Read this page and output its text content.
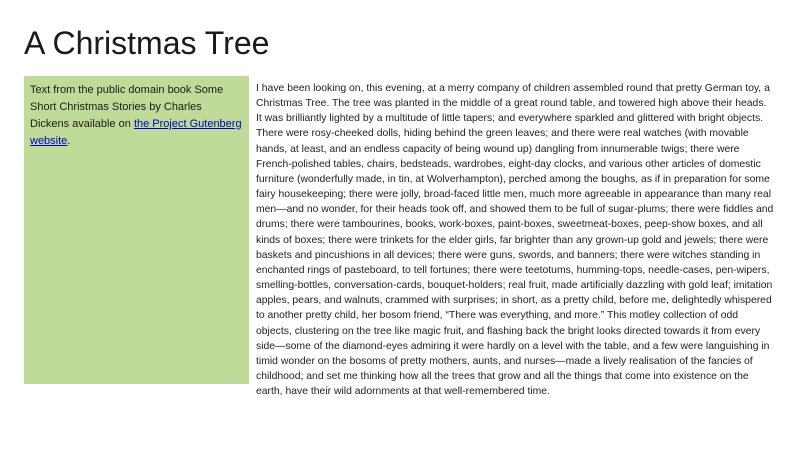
A Christmas Tree
Text from the public domain book Some Short Christmas Stories by Charles Dickens available on the Project Gutenberg website.

I have been looking on, this evening, at a merry company of children assembled round that pretty German toy, a Christmas Tree. The tree was planted in the middle of a great round table, and towered high above their heads. It was brilliantly lighted by a multitude of little tapers; and everywhere sparkled and glittered with bright objects. There were rosy-cheeked dolls, hiding behind the green leaves; and there were real watches (with movable hands, at least, and an endless capacity of being wound up) dangling from innumerable twigs; there were French-polished tables, chairs, bedsteads, wardrobes, eight-day clocks, and various other articles of domestic furniture (wonderfully made, in tin, at Wolverhampton), perched among the boughs, as if in preparation for some fairy housekeeping; there were jolly, broad-faced little men, much more agreeable in appearance than many real men—and no wonder, for their heads took off, and showed them to be full of sugar-plums; there were fiddles and drums; there were tambourines, books, work-boxes, paint-boxes, sweetmeat-boxes, peep-show boxes, and all kinds of boxes; there were trinkets for the elder girls, far brighter than any grown-up gold and jewels; there were baskets and pincushions in all devices; there were guns, swords, and banners; there were witches standing in enchanted rings of pasteboard, to tell fortunes; there were teetotums, humming-tops, needle-cases, pen-wipers, smelling-bottles, conversation-cards, bouquet-holders; real fruit, made artificially dazzling with gold leaf; imitation apples, pears, and walnuts, crammed with surprises; in short, as a pretty child, before me, delightedly whispered to another pretty child, her bosom friend, “There was everything, and more.” This motley collection of odd objects, clustering on the tree like magic fruit, and flashing back the bright looks directed towards it from every side—some of the diamond-eyes admiring it were hardly on a level with the table, and a few were languishing in timid wonder on the bosoms of pretty mothers, aunts, and nurses—made a lively realisation of the fancies of childhood; and set me thinking how all the trees that grow and all the things that come into existence on the earth, have their wild adornments at that well-remembered time.
